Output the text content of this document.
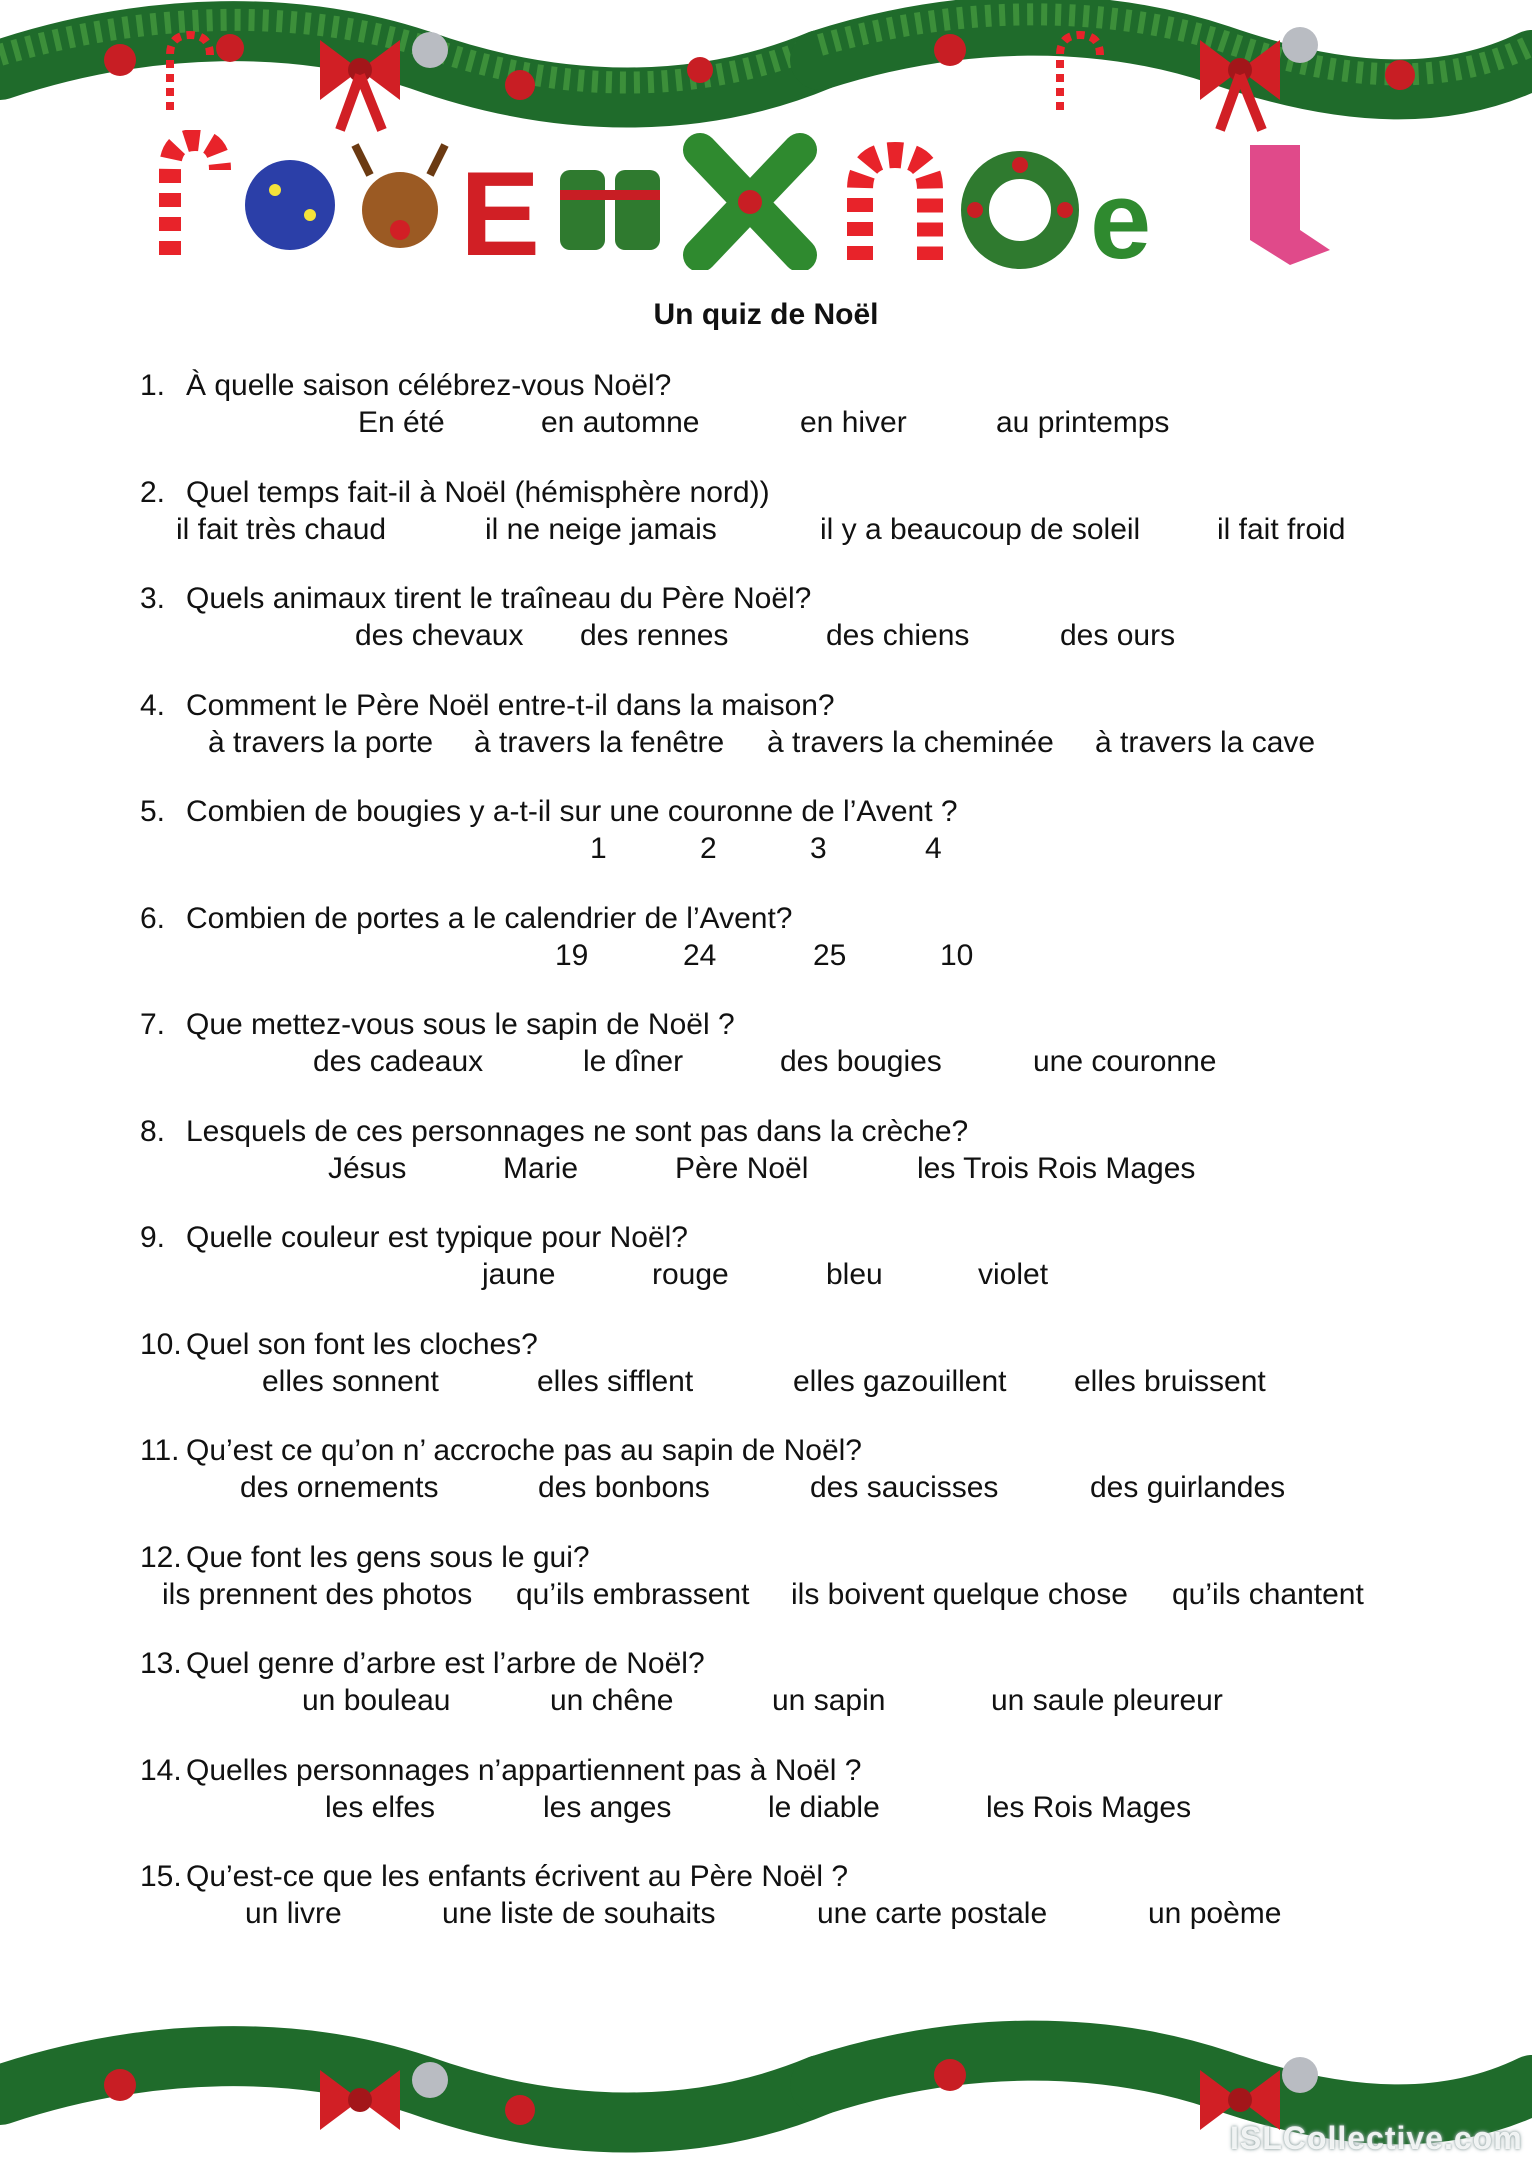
E	e
Un quiz de Noël
1. À quelle saison célébrez-vous Noël?
En été	en automne	en hiver	au printemps
2. Quel temps fait-il à Noël (hémisphère nord))
il fait très chaud	il ne neige jamais	il y a beaucoup de soleil	il fait froid
3. Quels animaux tirent le traîneau du Père Noël?
des chevaux des rennes	des chiens	des ours
4. Comment le Père Noël entre-t-il dans la maison?
à travers la porte à travers la fenêtre à travers la cheminée à travers la cave
5. Combien de bougies y a-t-il sur une couronne de l’Avent ?
1	2	3	4
6. Combien de portes a le calendrier de l’Avent?
19	24	25	10
7. Que mettez-vous sous le sapin de Noël ?
des cadeaux	le dîner	des bougies	une couronne
8. Lesquels de ces personnages ne sont pas dans la crèche?
Jésus	Marie	Père Noël	les Trois Rois Mages
9. Quelle couleur est typique pour Noël?
jaune	rouge	bleu	violet
10. Quel son font les cloches?
elles sonnent	elles sifflent	elles gazouillent elles bruissent
11. Qu’est ce qu’on n’ accroche pas au sapin de Noël?
des ornements	des bonbons	des saucisses	des guirlandes
12. Que font les gens sous le gui?
ils prennent des photos qu’ils embrassent ils boivent quelque chose qu’ils chantent
13. Quel genre d’arbre est l’arbre de Noël?
un bouleau	un chêne	un sapin	un saule pleureur
14. Quelles personnages n’appartiennent pas à Noël ?
les elfes	les anges	le diable	les Rois Mages
15. Qu’est-ce que les enfants écrivent au Père Noël ?
un livre	une liste de souhaits	une carte postale	un poème
ISLCollective.com
